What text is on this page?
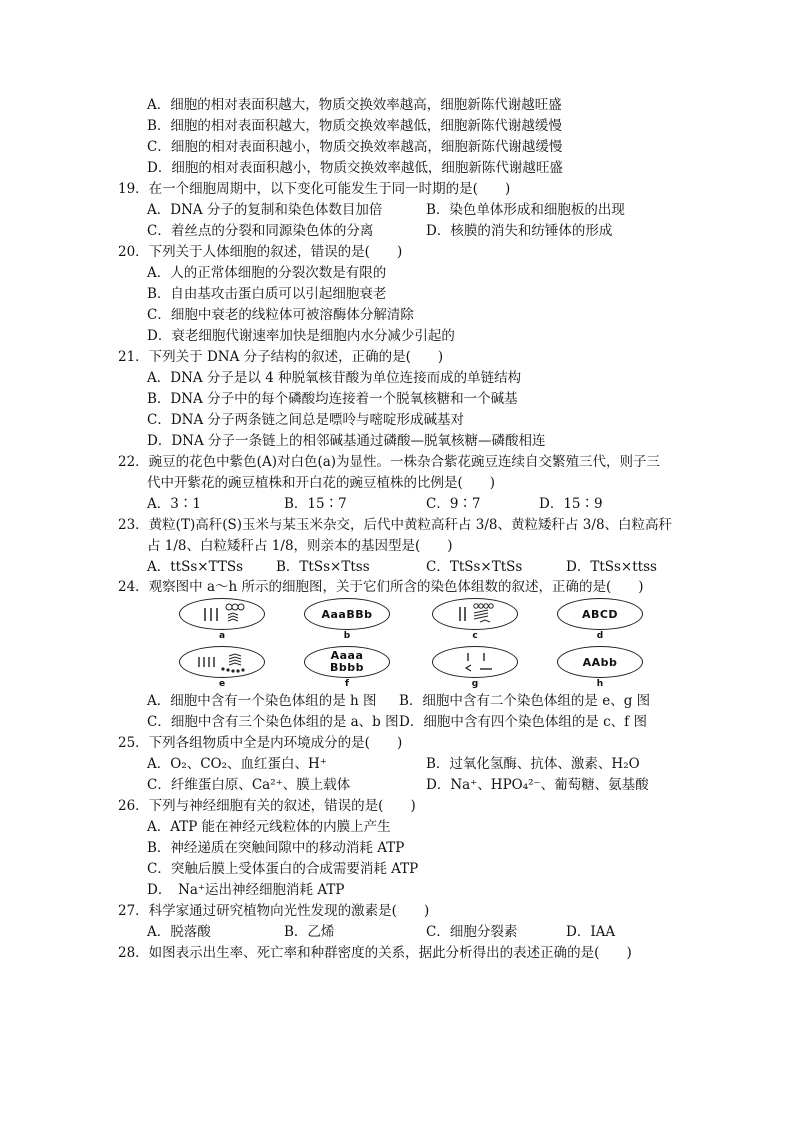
A．细胞的相对表面积越大，物质交换效率越高，细胞新陈代谢越旺盛
B．细胞的相对表面积越大，物质交换效率越低，细胞新陈代谢越缓慢
C．细胞的相对表面积越小，物质交换效率越高，细胞新陈代谢越缓慢
D．细胞的相对表面积越小，物质交换效率越低，细胞新陈代谢越旺盛
19．在一个细胞周期中，以下变化可能发生于同一时期的是(　　)
A．DNA 分子的复制和染色体数目加倍	B．染色单体形成和细胞板的出现
C．着丝点的分裂和同源染色体的分离	D．核膜的消失和纺锤体的形成
20．下列关于人体细胞的叙述，错误的是(　　)
A．人的正常体细胞的分裂次数是有限的
B．自由基攻击蛋白质可以引起细胞衰老
C．细胞中衰老的线粒体可被溶酶体分解清除
D．衰老细胞代谢速率加快是细胞内水分减少引起的
21．下列关于 DNA 分子结构的叙述，正确的是(　　)
A．DNA 分子是以 4 种脱氧核苷酸为单位连接而成的单链结构
B．DNA 分子中的每个磷酸均连接着一个脱氧核糖和一个碱基
C．DNA 分子两条链之间总是嘌呤与嘧啶形成碱基对
D．DNA 分子一条链上的相邻碱基通过磷酸—脱氧核糖—磷酸相连
22．豌豆的花色中紫色(A)对白色(a)为显性。一株杂合紫花豌豆连续自交繁殖三代，则子三
代中开紫花的豌豆植株和开白花的豌豆植株的比例是(　　)
A．3∶1	B．15∶7	C．9∶7	D．15∶9
23．黄粒(T)高秆(S)玉米与某玉米杂交，后代中黄粒高秆占 3/8、黄粒矮秆占 3/8、白粒高秆
占 1/8、白粒矮秆占 1/8，则亲本的基因型是(　　)
A．ttSs×TTSs B．TtSs×Ttss	C．TtSs×TtSs	D．TtSs×ttss
24．观察图中 a～h 所示的细胞图，关于它们所含的染色体组数的叙述，正确的是(　　)
a
AaaBBb
b	c
ABCD
d
e
Aaaa
Bbbb
f	g
AAbb
h
A．细胞中含有一个染色体组的是 h 图 B．细胞中含有二个染色体组的是 e、g 图
C．细胞中含有三个染色体组的是 a、b 图 D．细胞中含有四个染色体组的是 c、f 图
25．下列各组物质中全是内环境成分的是(　　)
A．O₂、CO₂、血红蛋白、H⁺	B．过氧化氢酶、抗体、激素、H₂O
C．纤维蛋白原、Ca²⁺、膜上载体	D．Na⁺、HPO₄²⁻、葡萄糖、氨基酸
26．下列与神经细胞有关的叙述，错误的是(　　)
A．ATP 能在神经元线粒体的内膜上产生
B．神经递质在突触间隙中的移动消耗 ATP
C．突触后膜上受体蛋白的合成需要消耗 ATP
D．　Na⁺运出神经细胞消耗 ATP
27．科学家通过研究植物向光性发现的激素是(　　)
A．脱落酸	B．乙烯	C．细胞分裂素	D．IAA
28．如图表示出生率、死亡率和种群密度的关系，据此分析得出的表述正确的是(　　)
